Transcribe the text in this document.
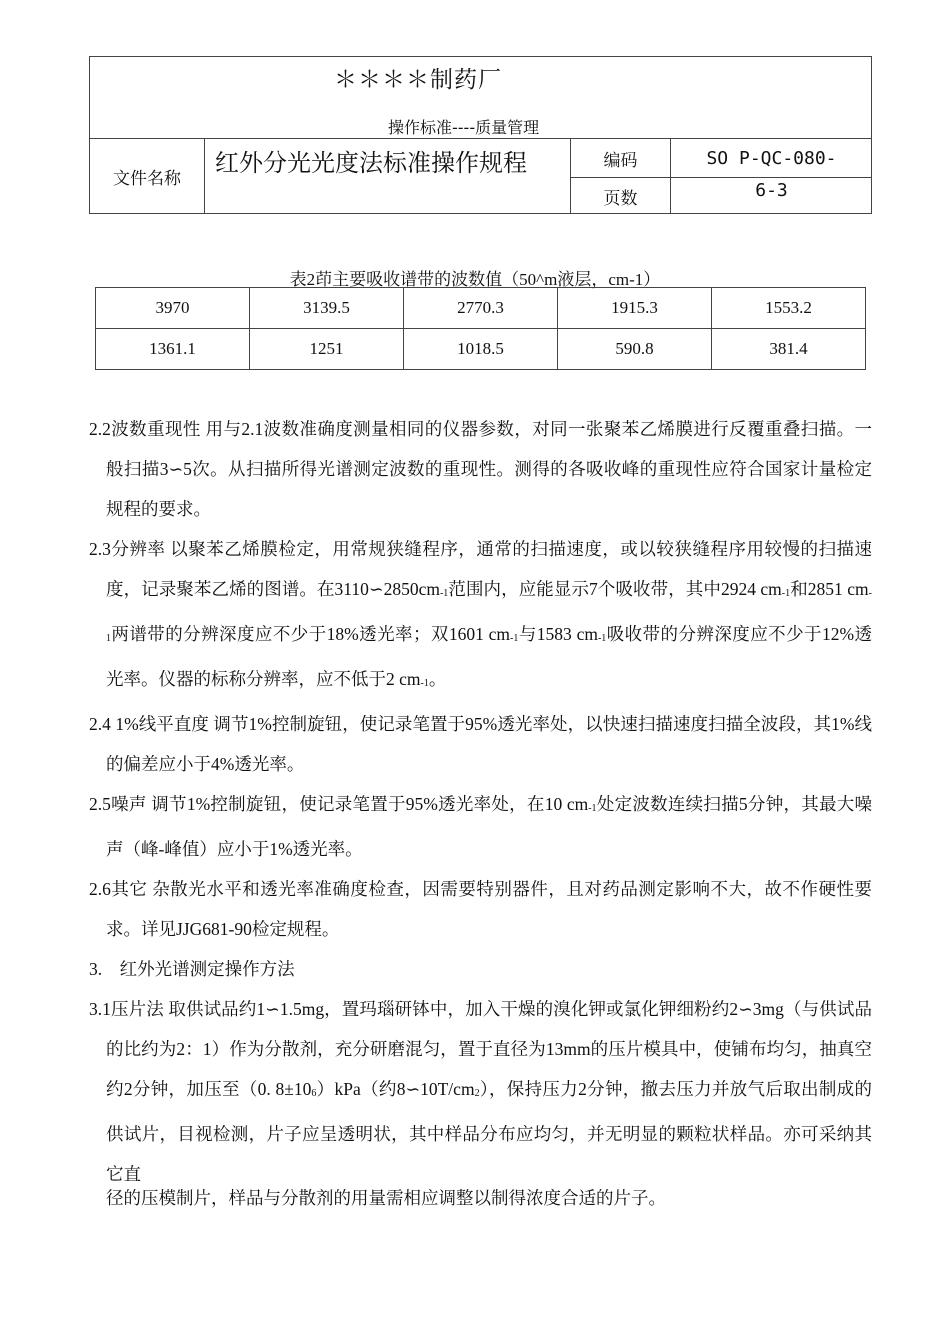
＊＊＊＊制药厂
操作标准----质量管理
文件名称
红外分光光度法标准操作规程	编码	SO P-QC-080-
页数	6-3
表2茚主要吸收谱带的波数值（50^m液层，cm-1）
3970	3139.5	2770.3	1915.3	1553.2
1361.1	1251	1018.5	590.8	381.4

2.2波数重现性 用与2.1波数准确度测量相同的仪器参数，对同一张聚苯乙烯膜进行反覆重叠扫描。一般扫描3∽5次。从扫描所得光谱测定波数的重现性。测得的各吸收峰的重现性应符合国家计量检定规程的要求。

2.3分辨率 以聚苯乙烯膜检定，用常规狭缝程序，通常的扫描速度，或以较狭缝程序用较慢的扫描速度，记录聚苯乙烯的图谱。在$3110∽2850cm_{-1}$范围内，应能显示7个吸收带，其中2924 $cm_{-1}$和2851 $cm_{-1}$两谱带的分辨深度应不少于18%透光率；双1601 $cm_{-1}$与1583 $cm_{-1}$吸收带的分辨深度应不少于12%透光率。仪器的标称分辨率，应不低于2 $cm_{-1}$。

2.4 1%线平直度 调节1%控制旋钮，使记录笔置于95%透光率处，以快速扫描速度扫描全波段，其1%线的偏差应小于4%透光率。

2.5噪声 调节1%控制旋钮，使记录笔置于95%透光率处，在10 $cm_{-1}$处定波数连续扫描5分钟，其最大噪声（峰-峰值）应小于1%透光率。

2.6其它 杂散光水平和透光率准确度检查，因需要特别器件，且对药品测定影响不大，故不作硬性要求。详见JJG681-90检定规程。

3.　红外光谱测定操作方法

3.1压片法 取供试品约1∽1.5mg，置玛瑙研钵中，加入干燥的溴化钾或氯化钾细粉约2∽3mg（与供试品的比约为2：1）作为分散剂，充分研磨混匀，置于直径为13mm的压片模具中，使铺布均匀，抽真空约2分钟，加压至（0. $8\pm 10_6)kPa$（约$8∽10T/cm_2$），保持压力2分钟，撤去压力并放气后取出制成的供试片，目视检测，片子应呈透明状，其中样品分布应均匀，并无明显的颗粒状样品。亦可采纳其它直

径的压模制片，样品与分散剂的用量需相应调整以制得浓度合适的片子。
